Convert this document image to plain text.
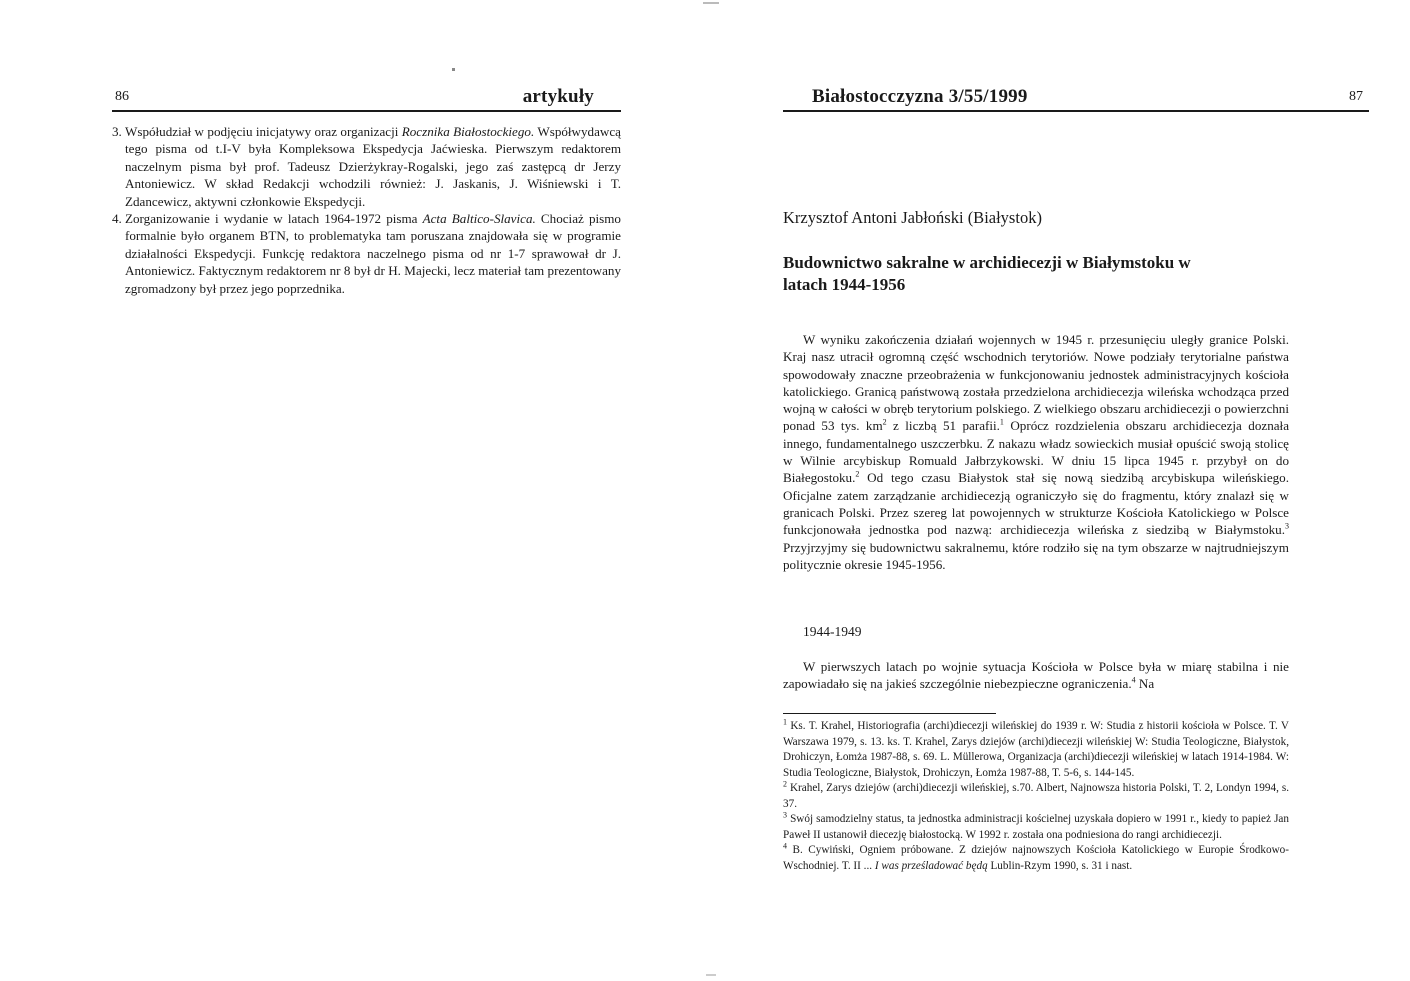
86	artykuły
3. Współudział w podjęciu inicjatywy oraz organizacji Rocznika Białostockiego. Współwydawcą tego pisma od t.I-V była Kompleksowa Ekspedycja Jaćwieska. Pierwszym redaktorem naczelnym pisma był prof. Tadeusz Dzierżykray-Rogalski, jego zaś zastępcą dr Jerzy Antoniewicz. W skład Redakcji wchodzili również: J. Jaskanis, J. Wiśniewski i T. Zdancewicz, aktywni członkowie Ekspedycji.
4. Zorganizowanie i wydanie w latach 1964-1972 pisma Acta Baltico-Slavica. Chociaż pismo formalnie było organem BTN, to problematyka tam poruszana znajdowała się w programie działalności Ekspedycji. Funkcję redaktora naczelnego pisma od nr 1-7 sprawował dr J. Antoniewicz. Faktycznym redaktorem nr 8 był dr H. Majecki, lecz materiał tam prezentowany zgromadzony był przez jego poprzednika.
Białostocczyzna 3/55/1999	87
Krzysztof Antoni Jabłoński (Białystok)
Budownictwo sakralne w archidiecezji w Białymstoku w latach 1944-1956

W wyniku zakończenia działań wojennych w 1945 r. przesunięciu uległy granice Polski. Kraj nasz utracił ogromną część wschodnich terytoriów. Nowe podziały terytorialne państwa spowodowały znaczne przeobrażenia w funkcjonowaniu jednostek administracyjnych kościoła katolickiego. Granicą państwową została przedzielona archidiecezja wileńska wchodząca przed wojną w całości w obręb terytorium polskiego. Z wielkiego obszaru archidiecezji o powierzchni ponad 53 tys. $km^2$ z liczbą 51 parafii.$^1$ Oprócz rozdzielenia obszaru archidiecezja doznała innego, fundamentalnego uszczerbku. Z nakazu władz sowieckich musiał opuścić swoją stolicę w Wilnie arcybiskup Romuald Jałbrzykowski. W dniu 15 lipca 1945 r. przybył on do Białegostoku.$^2$ Od tego czasu Białystok stał się nową siedzibą arcybiskupa wileńskiego. Oficjalne zatem zarządzanie archidiecezją ograniczyło się do fragmentu, który znalazł się w granicach Polski. Przez szereg lat powojennych w strukturze Kościoła Katolickiego w Polsce funkcjonowała jednostka pod nazwą: archidiecezja wileńska z siedzibą w Białymstoku.$^3$ Przyjrzyjmy się budownictwu sakralnemu, które rodziło się na tym obszarze w najtrudniejszym politycznie okresie 1945-1956.

1944-1949

W pierwszych latach po wojnie sytuacja Kościoła w Polsce była w miarę stabilna i nie zapowiadało się na jakieś szczególnie niebezpieczne ograniczenia.$^4$ Na

$^1$ Ks. T. Krahel, Historiografia (archi)diecezji wileńskiej do 1939 r. W: Studia z historii kościoła w Polsce. T. V Warszawa 1979, s. 13. ks. T. Krahel, Zarys dziejów (archi)diecezji wileńskiej W: Studia Teologiczne, Białystok, Drohiczyn, Łomża 1987-88, s. 69. L. Müllerowa, Organizacja (archi)diecezji wileńskiej w latach 1914-1984. W: Studia Teologiczne, Białystok, Drohiczyn, Łomża 1987-88, T. 5-6, s. 144-145.

$^2$ Krahel, Zarys dziejów (archi)diecezji wileńskiej, s.70. Albert, Najnowsza historia Polski, T. 2, Londyn 1994, s. 37.

$^3$ Swój samodzielny status, ta jednostka administracji kościelnej uzyskała dopiero w 1991 r., kiedy to papież Jan Paweł II ustanowił diecezję białostocką. W 1992 r. została ona podniesiona do rangi archidiecezji.

$^4$ B. Cywiński, Ogniem próbowane. Z dziejów najnowszych Kościoła Katolickiego w Europie Środkowo-Wschodniej. T. II ... I was prześladować będą Lublin-Rzym 1990, s. 31 i nast.
